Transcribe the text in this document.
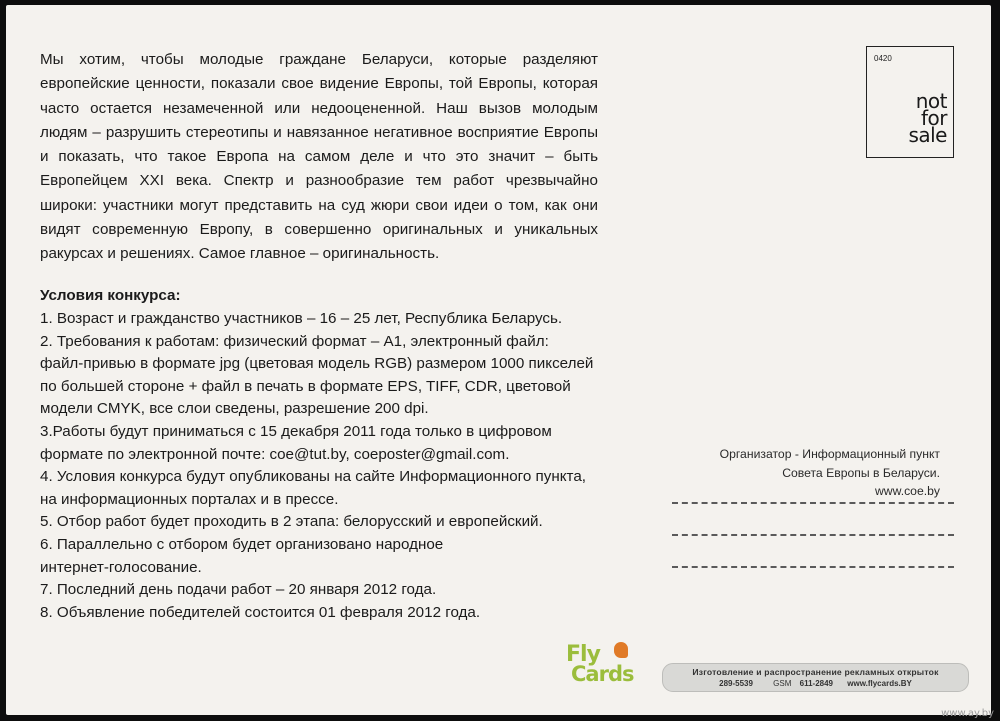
Мы хотим, чтобы молодые граждане Беларуси, которые разделяют европейские ценности, показали свое видение Европы, той Европы, которая часто остается незамеченной или недооцененной. Наш вызов молодым людям – разрушить стереотипы и навязанное негативное восприятие Европы и показать, что такое Европа на самом деле и что это значит – быть Европейцем XXI века. Спектр и разнообразие тем работ чрезвычайно широки: участники могут представить на суд жюри свои идеи о том, как они видят современную Европу, в совершенно оригинальных и уникальных ракурсах и решениях. Самое главное – оригинальность.
Условия конкурса:
1. Возраст и гражданство участников – 16 – 25 лет, Республика Беларусь.
2. Требования к работам: физический формат – А1, электронный файл:
файл-привью в формате jpg (цветовая модель RGB) размером 1000 пикселей
по большей стороне + файл в печать в формате EPS, TIFF, CDR, цветовой
модели CMYK, все слои сведены, разрешение 200 dpi.
3.Работы будут приниматься с 15 декабря 2011 года только в цифровом
формате по электронной почте: coe@tut.by, coeposter@gmail.com.
4. Условия конкурса будут опубликованы на сайте Информационного пункта,
на информационных порталах и в прессе.
5. Отбор работ будет проходить в 2 этапа: белорусский и европейский.
6. Параллельно с отбором будет организовано народное
интернет-голосование.
7. Последний день подачи работ – 20 января 2012 года.
8. Объявление победителей состоится 01 февраля 2012 года.
0420
not
for
sale
Организатор - Информационный пункт
Совета Европы в Беларуси.
www.coe.by
Fly
Cards	Изготовление и распространение рекламных открыток
289-5539	GSM 611-2849 www.flycards.BY
www.ay.by
